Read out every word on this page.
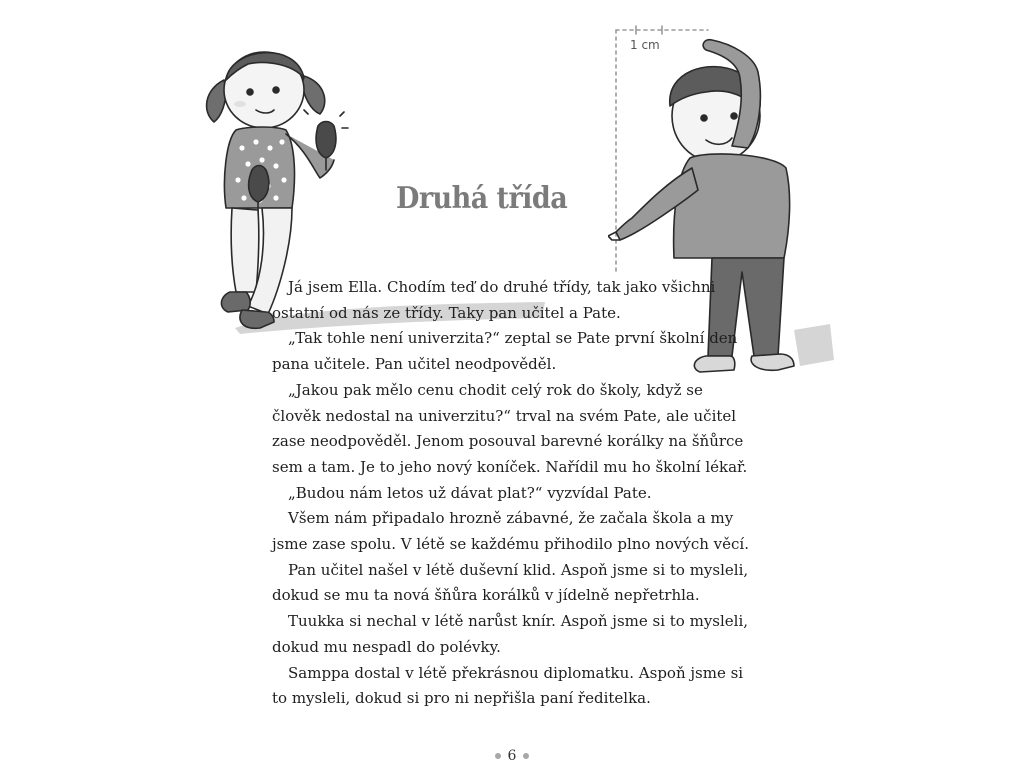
1 cm
Druhá třída
Já jsem Ella. Chodím teď do druhé třídy, tak jako všichni
ostatní od nás ze třídy. Taky pan učitel a Pate.
„Tak tohle není univerzita?“ zeptal se Pate první školní den
pana učitele. Pan učitel neodpověděl.
„Jakou pak mělo cenu chodit celý rok do školy, když se
člověk nedostal na univerzitu?“ trval na svém Pate, ale učitel
zase neodpověděl. Jenom posouval barevné korálky na šňůrce
sem a tam. Je to jeho nový koníček. Nařídil mu ho školní lékař.
„Budou nám letos už dávat plat?“ vyzvídal Pate.
Všem nám připadalo hrozně zábavné, že začala škola a my
jsme zase spolu. V létě se každému přihodilo plno nových věcí.
Pan učitel našel v létě duševní klid. Aspoň jsme si to mysleli,
dokud se mu ta nová šňůra korálků v jídelně nepřetrhla.
Tuukka si nechal v létě narůst knír. Aspoň jsme si to mysleli,
dokud mu nespadl do polévky.
Samppa dostal v létě překrásnou diplomatku. Aspoň jsme si
to mysleli, dokud si pro ni nepřišla paní ředitelka.
6
